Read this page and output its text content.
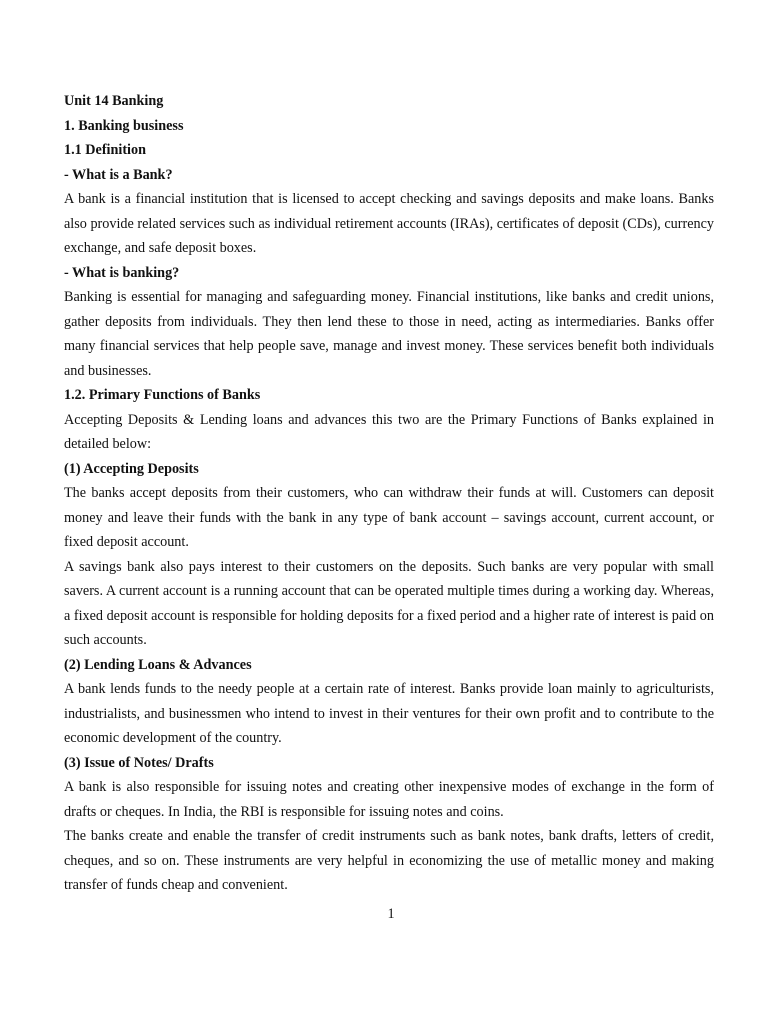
Unit 14 Banking

1. Banking business

1.1 Definition

- What is a Bank?

A bank is a financial institution that is licensed to accept checking and savings deposits and make loans. Banks also provide related services such as individual retirement accounts (IRAs), certificates of deposit (CDs), currency exchange, and safe deposit boxes.

- What is banking?

Banking is essential for managing and safeguarding money. Financial institutions, like banks and credit unions, gather deposits from individuals. They then lend these to those in need, acting as intermediaries. Banks offer many financial services that help people save, manage and invest money. These services benefit both individuals and businesses.

1.2. Primary Functions of Banks

Accepting Deposits & Lending loans and advances this two are the Primary Functions of Banks explained in detailed below:

(1) Accepting Deposits

The banks accept deposits from their customers, who can withdraw their funds at will. Customers can deposit money and leave their funds with the bank in any type of bank account – savings account, current account, or fixed deposit account.

A savings bank also pays interest to their customers on the deposits. Such banks are very popular with small savers. A current account is a running account that can be operated multiple times during a working day. Whereas, a fixed deposit account is responsible for holding deposits for a fixed period and a higher rate of interest is paid on such accounts.

(2) Lending Loans & Advances

A bank lends funds to the needy people at a certain rate of interest. Banks provide loan mainly to agriculturists, industrialists, and businessmen who intend to invest in their ventures for their own profit and to contribute to the economic development of the country.

(3) Issue of Notes/ Drafts

A bank is also responsible for issuing notes and creating other inexpensive modes of exchange in the form of drafts or cheques. In India, the RBI is responsible for issuing notes and coins.

The banks create and enable the transfer of credit instruments such as bank notes, bank drafts, letters of credit, cheques, and so on. These instruments are very helpful in economizing the use of metallic money and making transfer of funds cheap and convenient.

1
